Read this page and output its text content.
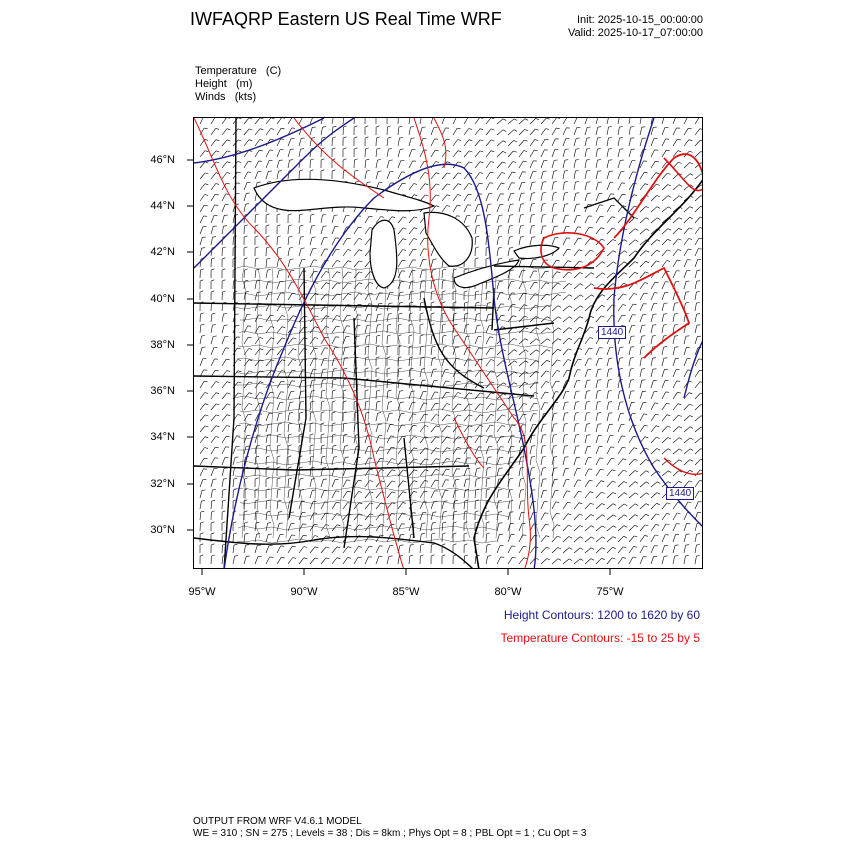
IWFAQRP Eastern US Real Time WRF	Init: 2025-10-15_00:00:00
Valid: 2025-10-17_07:00:00
Temperature   (C)
Height   (m)
Winds   (kts)
1440
1440
46°N
44°N
42°N
40°N
38°N
36°N
34°N
32°N
30°N
95°W	90°W	85°W	80°W	75°W
Height Contours: 1200 to 1620 by 60
Temperature Contours: -15 to 25 by 5
OUTPUT FROM WRF V4.6.1 MODEL
WE = 310 ; SN = 275 ; Levels = 38 ; Dis = 8km ; Phys Opt = 8 ; PBL Opt = 1 ; Cu Opt = 3
